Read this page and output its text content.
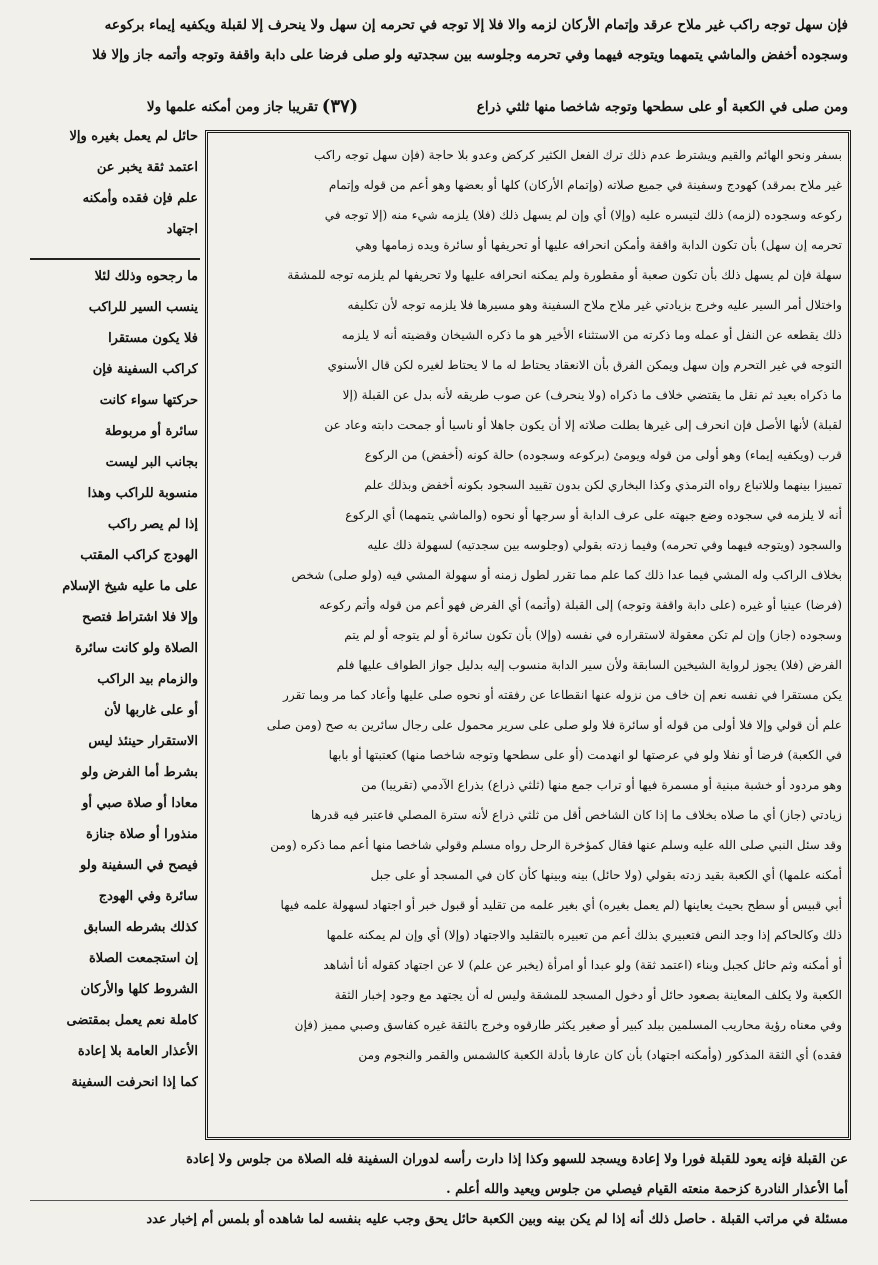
فإن سهل توجه راكب غير ملاح عرقد وإتمام الأركان لزمه والا فلا إلا توجه في تحرمه إن سهل ولا ينحرف إلا لقبلة ويكفيه إيماء بركوعه
وسجوده أخفض والماشي يتمهما ويتوجه فيهما وفي تحرمه وجلوسه بين سجدتيه ولو صلى فرضا على دابة واقفة وتوجه وأتمه جاز وإلا فلا
ومن صلى في الكعبة أو على سطحها وتوجه شاخصا منها ثلثي ذراع
تقريبا جاز ومن أمكنه علمها ولا (٣٧)
حائل لم يعمل بغيره وإلا
اعتمد ثقة يخبر عن
علم فإن فقده وأمكنه
اجتهاد
ما رجحوه وذلك لئلا
ينسب السير للراكب
فلا يكون مستقرا
كراكب السفينة فإن
حركتها سواء كانت
سائرة أو مربوطة
بجانب البر ليست
منسوبة للراكب وهذا
إذا لم يصر راكب
الهودج كراكب المقتب
على ما عليه شيخ الإسلام
وإلا فلا اشتراط فتصح
الصلاة ولو كانت سائرة
والزمام بيد الراكب
أو على غاربها لأن
الاستقرار حينئذ ليس
بشرط أما الفرض ولو
معادا أو صلاة صبي أو
منذورا أو صلاة جنازة
فيصح في السفينة ولو
سائرة وفي الهودج
كذلك بشرطه السابق
إن استجمعت الصلاة
الشروط كلها والأركان
كاملة نعم يعمل بمقتضى
الأعذار العامة بلا إعادة
كما إذا انحرفت السفينة
بسفر ونحو الهائم والقيم ويشترط عدم ذلك ترك الفعل الكثير كركض وعدو بلا حاجة (فإن سهل توجه راكب
غير ملاح بمرقد) كهودج وسفينة في جميع صلاته (وإتمام الأركان) كلها أو بعضها وهو أعم من قوله وإتمام
ركوعه وسجوده (لزمه) ذلك لتيسره عليه (وإلا) أي وإن لم يسهل ذلك (فلا) يلزمه شيء منه (إلا توجه في
تحرمه إن سهل) بأن تكون الدابة واقفة وأمكن انحرافه عليها أو تحريفها أو سائرة ويده زمامها وهي
سهلة فإن لم يسهل ذلك بأن تكون صعبة أو مقطورة ولم يمكنه انحرافه عليها ولا تحريفها لم يلزمه توجه للمشقة
واختلال أمر السير عليه وخرج بزيادتي غير ملاح ملاح السفينة وهو مسيرها فلا يلزمه توجه لأن تكليفه
ذلك يقطعه عن النفل أو عمله وما ذكرته من الاستثناء الأخير هو ما ذكره الشيخان وقضيته أنه لا يلزمه
التوجه في غير التحرم وإن سهل ويمكن الفرق بأن الانعقاد يحتاط له ما لا يحتاط لغيره لكن قال الأسنوي
ما ذكراه بعيد ثم نقل ما يقتضي خلاف ما ذكراه (ولا ينحرف) عن صوب طريقه لأنه بدل عن القبلة (إلا
لقبلة) لأنها الأصل فإن انحرف إلى غيرها بطلت صلاته إلا أن يكون جاهلا أو ناسيا أو جمحت دابته وعاد عن
قرب (ويكفيه إيماء) وهو أولى من قوله ويومئ (بركوعه وسجوده) حالة كونه (أخفض) من الركوع
تمييزا بينهما وللاتباع رواه الترمذي وكذا البخاري لكن بدون تقييد السجود بكونه أخفض وبذلك علم
أنه لا يلزمه في سجوده وضع جبهته على عرف الدابة أو سرجها أو نحوه (والماشي يتمهما) أي الركوع
والسجود (ويتوجه فيهما وفي تحرمه) وفيما زدته بقولي (وجلوسه بين سجدتيه) لسهولة ذلك عليه
بخلاف الراكب وله المشي فيما عدا ذلك كما علم مما تقرر لطول زمنه أو سهولة المشي فيه (ولو صلى) شخص
(فرضا) عينيا أو غيره (على دابة واقفة وتوجه) إلى القبلة (وأتمه) أي الفرض فهو أعم من قوله وأتم ركوعه
وسجوده (جاز) وإن لم تكن معقولة لاستقراره في نفسه (وإلا) بأن تكون سائرة أو لم يتوجه أو لم يتم
الفرض (فلا) يجوز لرواية الشيخين السابقة ولأن سير الدابة منسوب إليه بدليل جواز الطواف عليها فلم
يكن مستقرا في نفسه نعم إن خاف من نزوله عنها انقطاعا عن رفقته أو نحوه صلى عليها وأعاد كما مر وبما تقرر
علم أن قولي وإلا فلا أولى من قوله أو سائرة فلا ولو صلى على سرير محمول على رجال سائرين به صح (ومن صلى
في الكعبة) فرضا أو نفلا ولو في عرصتها لو انهدمت (أو على سطحها وتوجه شاخصا منها) كعتبتها أو بابها
وهو مردود أو خشبة مبنية أو مسمرة فيها أو تراب جمع منها (ثلثي ذراع) بذراع الآدمي (تقريبا) من
زيادتي (جاز) أي ما صلاه بخلاف ما إذا كان الشاخص أقل من ثلثي ذراع لأنه سترة المصلي فاعتبر فيه قدرها
وقد سئل النبي صلى الله عليه وسلم عنها فقال كمؤخرة الرحل رواه مسلم وقولي شاخصا منها أعم مما ذكره (ومن
أمكنه علمها) أي الكعبة بقيد زدته بقولي (ولا حائل) بينه وبينها كأن كان في المسجد أو على جبل
أبي قبيس أو سطح بحيث يعاينها (لم يعمل بغيره) أي بغير علمه من تقليد أو قبول خبر أو اجتهاد لسهولة علمه فيها
ذلك وكالحاكم إذا وجد النص فتعبيري بذلك أعم من تعبيره بالتقليد والاجتهاد (وإلا) أي وإن لم يمكنه علمها
أو أمكنه وثم حائل كجبل وبناء (اعتمد ثقة) ولو عبدا أو امرأة (يخبر عن علم) لا عن اجتهاد كقوله أنا أشاهد
الكعبة ولا يكلف المعاينة بصعود حائل أو دخول المسجد للمشقة وليس له أن يجتهد مع وجود إخبار الثقة
وفي معناه رؤية محاريب المسلمين ببلد كبير أو صغير يكثر طارقوه وخرج بالثقة غيره كفاسق وصبي مميز (فإن
فقده) أي الثقة المذكور (وأمكنه اجتهاد) بأن كان عارفا بأدلة الكعبة كالشمس والقمر والنجوم ومن
عن القبلة فإنه يعود للقبلة فورا ولا إعادة ويسجد للسهو وكذا إذا دارت رأسه لدوران السفينة فله الصلاة من جلوس ولا إعادة
أما الأعذار النادرة كزحمة منعته القيام فيصلي من جلوس ويعيد والله أعلم .
مسئلة في مراتب القبلة . حاصل ذلك أنه إذا لم يكن بينه وبين الكعبة حائل يحق وجب عليه بنفسه لما شاهده أو بلمس أم إخبار عدد
